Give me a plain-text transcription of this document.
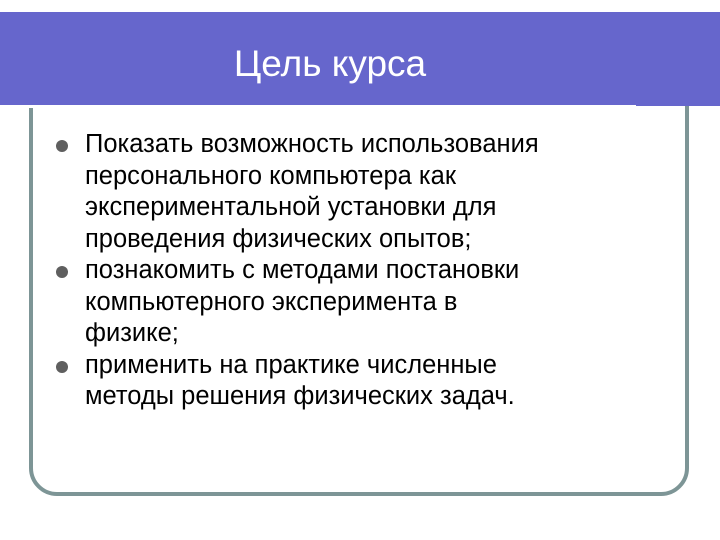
Цель курса
Показать возможность использования
персонального компьютера как
экспериментальной установки для
проведения физических опытов;
познакомить с методами постановки
компьютерного эксперимента в
физике;
применить на практике численные
методы решения физических задач.
